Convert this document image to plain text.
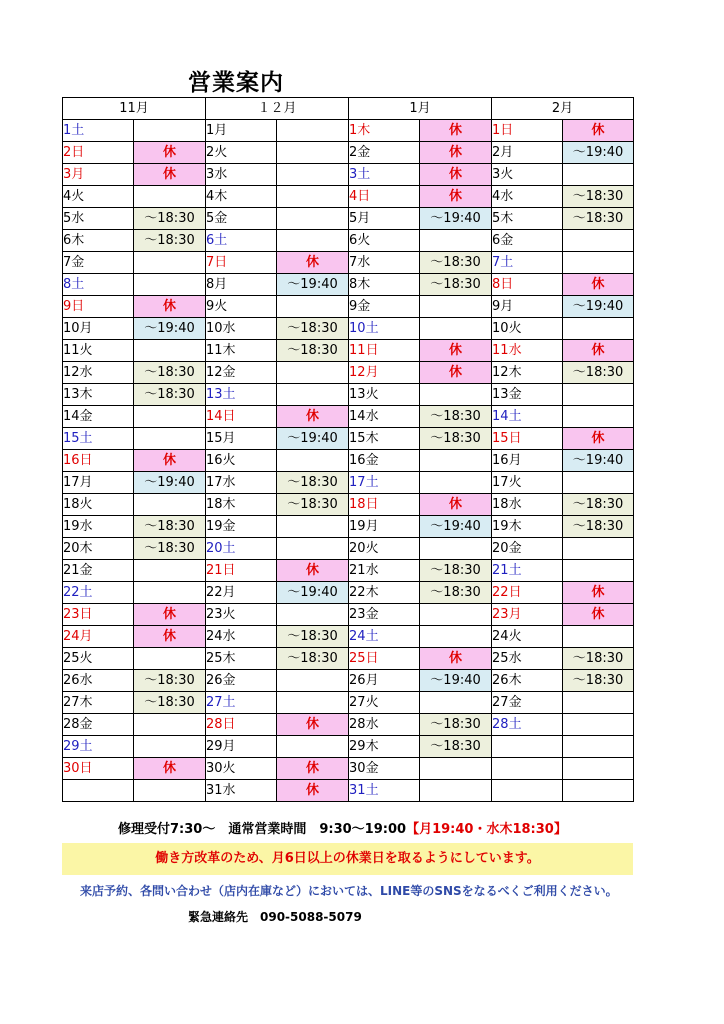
営業案内
11月		１２月		1月		2月	
1土		1月		1木	休	1日	休
2日	休	2火		2金	休	2月	～19:40
3月	休	3水		3土	休	3火	
4火		4木		4日	休	4水	～18:30
5水	～18:30	5金		5月	～19:40	5木	～18:30
6木	～18:30	6土		6火		6金	
7金		7日	休	7水	～18:30	7土	
8土		8月	～19:40	8木	～18:30	8日	休
9日	休	9火		9金		9月	～19:40
10月	～19:40	10水	～18:30	10土		10火	
11火		11木	～18:30	11日	休	11水	休
12水	～18:30	12金		12月	休	12木	～18:30
13木	～18:30	13土		13火		13金	
14金		14日	休	14水	～18:30	14土	
15土		15月	～19:40	15木	～18:30	15日	休
16日	休	16火		16金		16月	～19:40
17月	～19:40	17水	～18:30	17土		17火	
18火		18木	～18:30	18日	休	18水	～18:30
19水	～18:30	19金		19月	～19:40	19木	～18:30
20木	～18:30	20土		20火		20金	
21金		21日	休	21水	～18:30	21土	
22土		22月	～19:40	22木	～18:30	22日	休
23日	休	23火		23金		23月	休
24月	休	24水	～18:30	24土		24火	
25火		25木	～18:30	25日	休	25水	～18:30
26水	～18:30	26金		26月	～19:40	26木	～18:30
27木	～18:30	27土		27火		27金	
28金		28日	休	28水	～18:30	28土	
29土		29月		29木	～18:30		
30日	休	30火	休	30金			
		31水	休	31土			
修理受付7:30～　通常営業時間　9:30～19:00【月19:40・水木18:30】
働き方改革のため、月6日以上の休業日を取るようにしています。
来店予約、各問い合わせ（店内在庫など）においては、LINE等のSNSをなるべくご利用ください。
緊急連絡先　090-5088-5079
